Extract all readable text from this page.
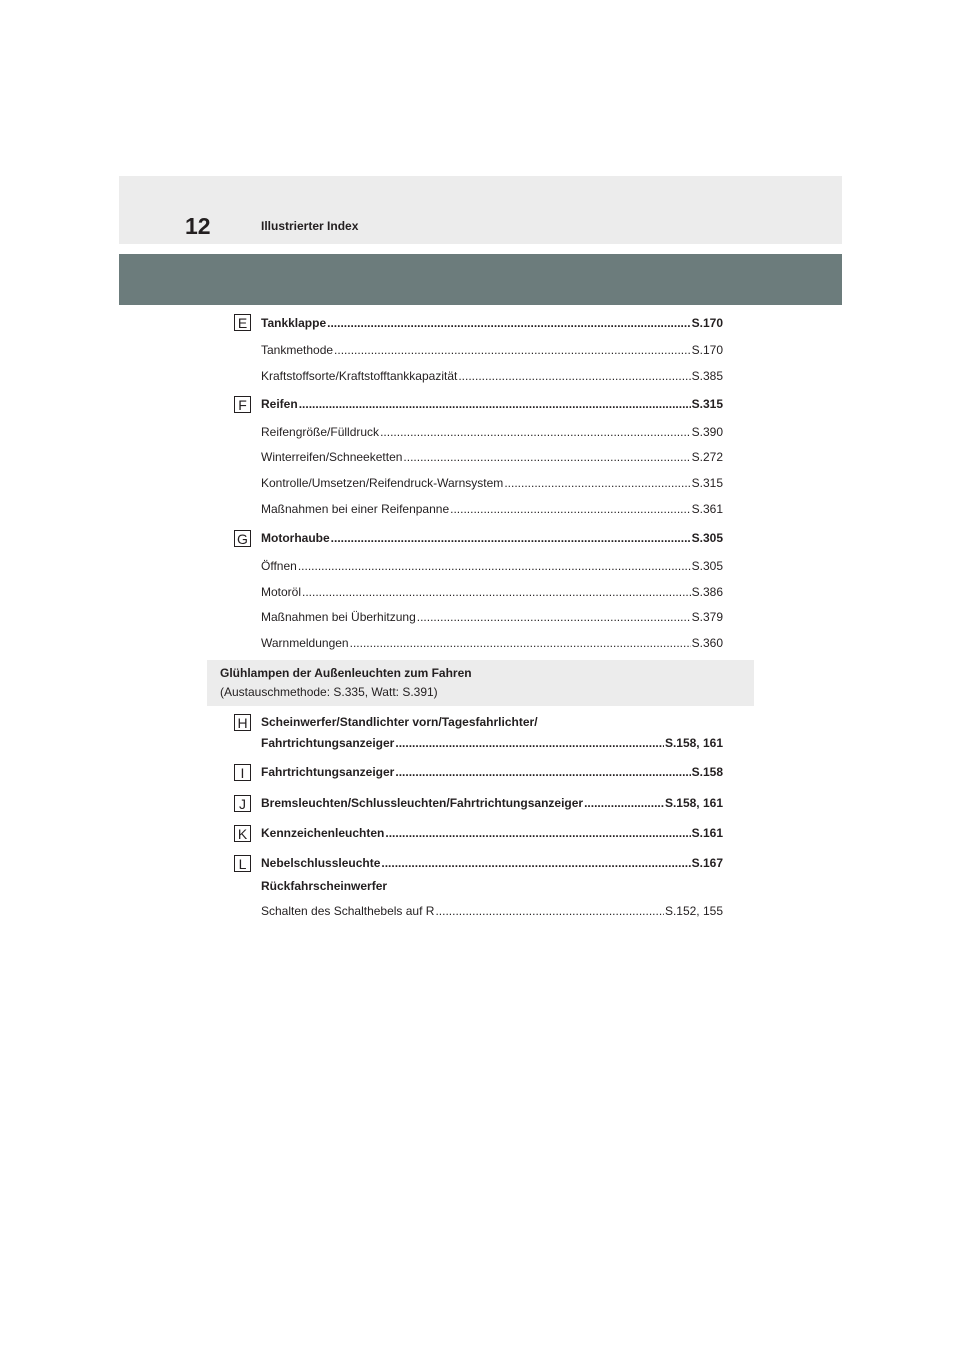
12	Illustrierter Index
E	Tankklappe .....	S.170
Tankmethode .....	S.170
Kraftstoffsorte/Kraftstofftankkapazität .....	S.385
F	Reifen .....	S.315
Reifengröße/Fülldruck .....	S.390
Winterreifen/Schneeketten .....	S.272
Kontrolle/Umsetzen/Reifendruck-Warnsystem .....	S.315
Maßnahmen bei einer Reifenpanne .....	S.361
G Motorhaube .....	S.305
Öffnen .....	S.305
Motoröl .....	S.386
Maßnahmen bei Überhitzung .....	S.379
Warnmeldungen .....	S.360
Glühlampen der Außenleuchten zum Fahren
(Austauschmethode: S.335, Watt: S.391)
H Scheinwerfer/Standlichter vorn/Tagesfahrlichter/
Fahrtrichtungsanzeiger .....	S.158, 161
I	Fahrtrichtungsanzeiger .....	S.158
J	Bremsleuchten/Schlussleuchten/Fahrtrichtungsanzeiger .....	S.158, 161
K	Kennzeichenleuchten .....	S.161
L	Nebelschlussleuchte .....	S.167
Rückfahrscheinwerfer
Schalten des Schalthebels auf R .....	S.152, 155
